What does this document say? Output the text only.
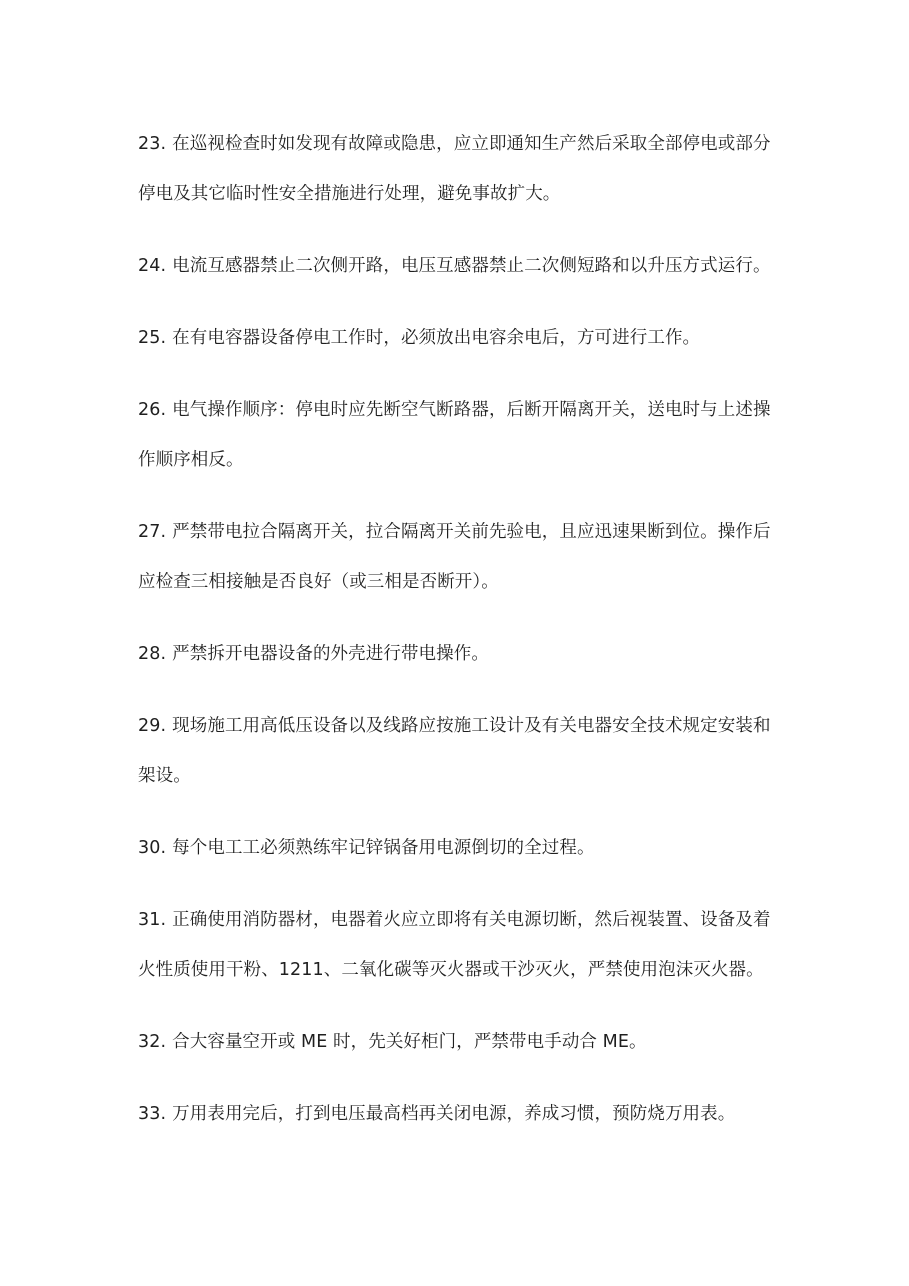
23. 在巡视检查时如发现有故障或隐患，应立即通知生产然后采取全部停电或部分停电及其它临时性安全措施进行处理，避免事故扩大。
24. 电流互感器禁止二次侧开路，电压互感器禁止二次侧短路和以升压方式运行。
25. 在有电容器设备停电工作时，必须放出电容余电后，方可进行工作。
26. 电气操作顺序：停电时应先断空气断路器，后断开隔离开关，送电时与上述操作顺序相反。
27. 严禁带电拉合隔离开关，拉合隔离开关前先验电，且应迅速果断到位。操作后应检查三相接触是否良好（或三相是否断开）。
28. 严禁拆开电器设备的外壳进行带电操作。
29. 现场施工用高低压设备以及线路应按施工设计及有关电器安全技术规定安装和架设。
30. 每个电工工必须熟练牢记锌锅备用电源倒切的全过程。
31. 正确使用消防器材，电器着火应立即将有关电源切断，然后视装置、设备及着火性质使用干粉、1211、二氧化碳等灭火器或干沙灭火，严禁使用泡沫灭火器。
32. 合大容量空开或 ME 时，先关好柜门，严禁带电手动合 ME。
33. 万用表用完后，打到电压最高档再关闭电源，养成习惯，预防烧万用表。
